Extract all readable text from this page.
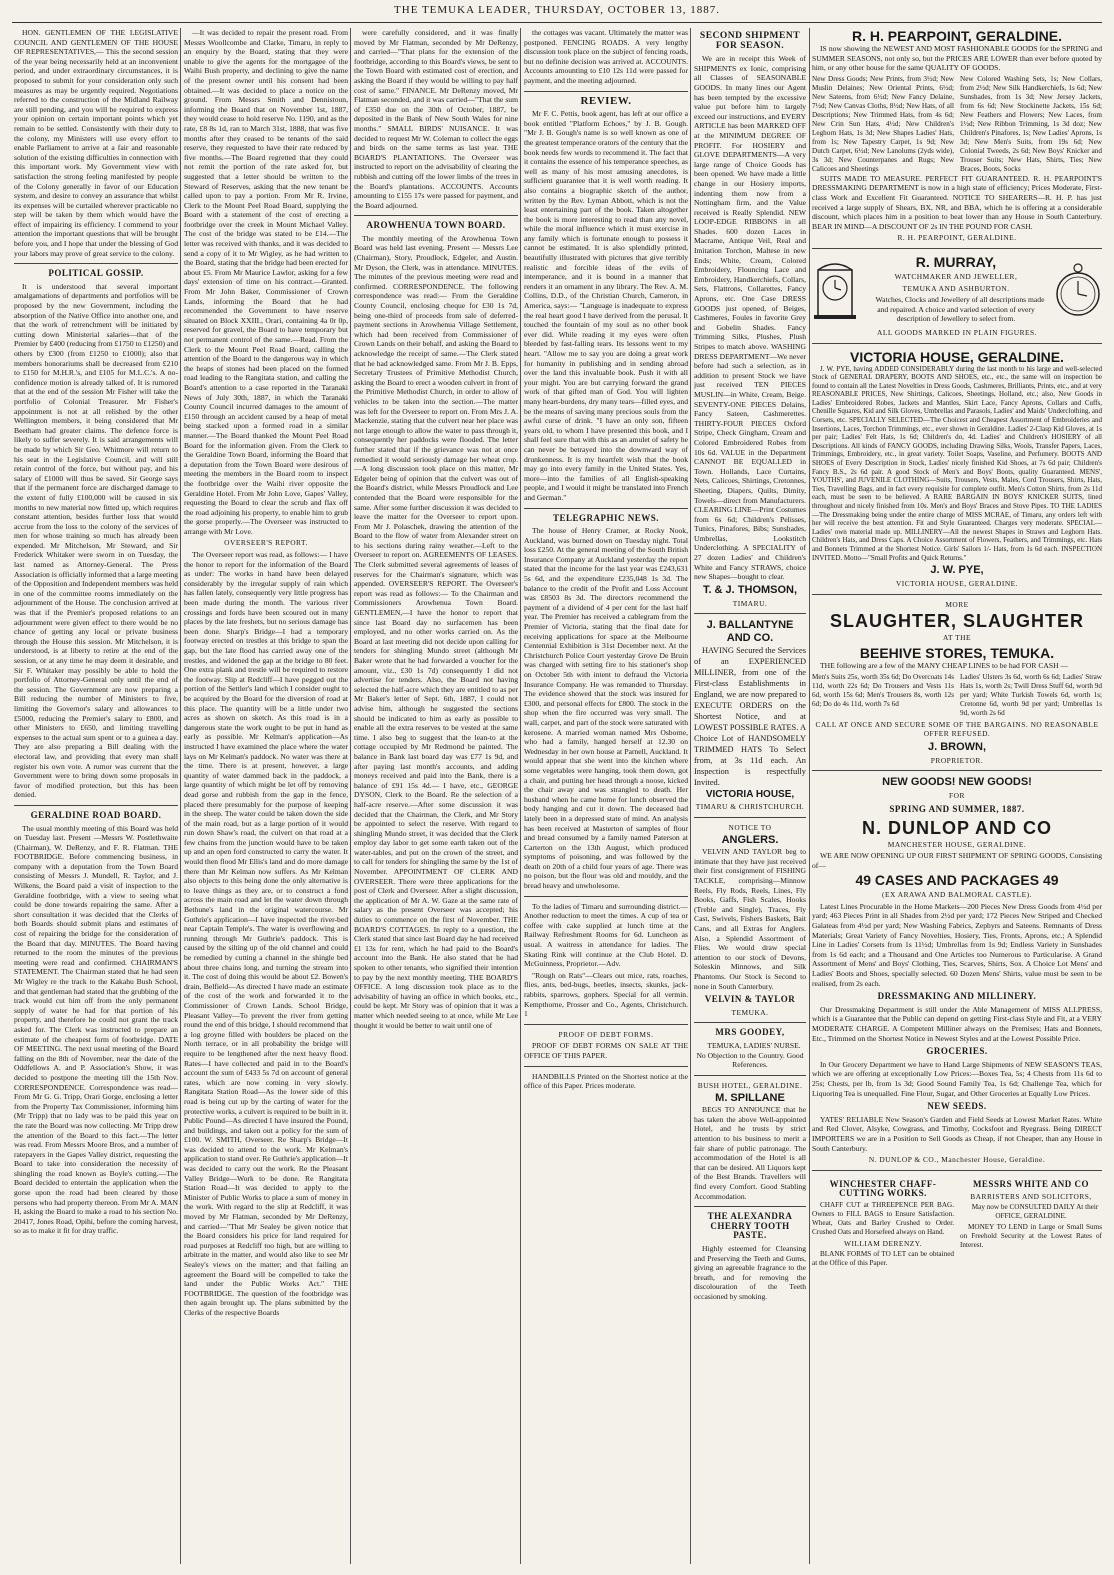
THE TEMUKA LEADER, THURSDAY, OCTOBER 13, 1887.

HON. GENTLEMEN OF THE LEGISLATIVE COUNCIL AND GENTLEMEN OF THE HOUSE OF REPRESENTATIVES,— This the second session of the year being necessarily held at an inconvenient period, and under extraordinary circumstances, it is proposed to submit for your consideration only such measures as may be urgently required. Negotiations referred to the construction of the Midland Railway are still pending, and you will be required to express your opinion on certain important points which yet remain to be settled. Consistently with their duty to the colony, my Ministers will use every effort to enable Parliament to arrive at a fair and reasonable solution of the existing difficulties in connection with this important work. My Government view with satisfaction the strong feeling manifested by people of the Colony generally in favor of our Education system, and desire to convey an assurance that whilst its expenses will be curtailed wherever practicable no step will be taken by them which would have the effect of impairing its efficiency. I commend to your attention the important questions that will be brought before you, and I hope that under the blessing of God your labors may prove of great service to the colony.

POLITICAL GOSSIP.

It is understood that several important amalgamations of departments and portfolios will be proposed by the new Government, including the absorption of the Native Office into another one, and that the work of retrenchment will be initiated by cutting down Ministerial salaries—that of the Premier by £400 (reducing from £1750 to £1250) and others by £300 (from £1250 to £1000); also that members honorariums shall be decreased from £210 to £150 for M.H.R.'s, and £105 for M.L.C.'s. A no-confidence motion is already talked of. It is rumored that at the end of the session Mr Fisher will take the portfolio of Colonial Treasurer. Mr Fisher's appointment is not at all relished by the other Wellington members, it being considered that Mr Beetham had greater claims. The defence force is likely to suffer severely. It is said arrangements will be made by which Sir Geo. Whitmore will return to his seat in the Legislative Council, and will still retain control of the force, but without pay, and his salary of £1000 will thus be saved. Sir George says that if the permanent force are discharged damage to the extent of fully £100,000 will be caused in six months to new material now fitted up, which requires constant attention, besides further loss that would accrue from the loss to the colony of the services of men for whose training so much has already been expended. Mr Mitchelson, Mr Steward, and Sir Frederick Whitaker were sworn in on Tuesday, the last named as Attorney-General. The Press Association is officially informed that a large meeting of the Opposition and Independent members was held in one of the committee rooms immediately on the adjournment of the House. The conclusion arrived at was that if the Premier's proposed relations to an adjournment were given effect to there would be no chance of getting any local or private business through the House this session. Mr Mitchelson, it is understood, is at liberty to retire at the end of the session, or at any time he may deem it desirable, and Sir F. Whitaker may possibly be able to hold the portfolio of Attorney-General only until the end of the session. The Government are now preparing a Bill reducing the number of Ministers to five, limiting the Governor's salary and allowances to £5000, reducing the Premier's salary to £800, and other Ministers to £650, and limiting travelling expenses to the actual sum spent or to a guinea a day. They are also preparing a Bill dealing with the electoral law, and providing that every man shall register his own vote. A rumor was current that the Government were to bring down some proposals in favor of modified protection, but this has been denied.

GERALDINE ROAD BOARD.

The usual monthly meeting of this Board was held on Tuesday last. Present —Messrs W. Postlethwaite (Chairman), W. DeRenzy, and F. R. Flatman. THE FOOTBRIDGE. Before commencing business, in company with a deputation from the Town Board consisting of Messrs J. Mundell, R. Taylor, and J. Wilkens, the Board paid a visit of inspection to the Geraldine footbridge, with a view to seeing what could be done towards repairing the same. After a short consultation it was decided that the Clerks of both Boards should submit plans and estimates of cost of repairing the bridge for the consideration of the Board that day. MINUTES. The Board having returned to the room the minutes of the previous meeting were read and confirmed. CHAIRMAN'S STATEMENT. The Chairman stated that he had seen Mr Wigley re the track to the Kakahu Bush School, and that gentleman had stated that the grubbing of the track would cut him off from the only permanent supply of water he had for that portion of his property, and therefore he could not grant the track asked for. The Clerk was instructed to prepare an estimate of the cheapest form of footbridge. DATE OF MEETING. The next usual meeting of the Board falling on the 8th of November, near the date of the Oddfellows A. and P. Association's Show, it was decided to postpone the meeting till the 15th Nov. CORRESPONDENCE. Correspondence was read— From Mr G. G. Tripp, Orari Gorge, enclosing a letter from the Property Tax Commissioner, informing him (Mr Tripp) that no lady was to be paid this year on the rate the Board was now collecting. Mr Tripp drew the attention of the Board to this fact.—The letter was read. From Messrs Moore Bros, and a number of ratepayers in the Gapes Valley district, requesting the Board to take into consideration the necessity of shingling the road known as Boyle's cutting.—The Board decided to entertain the application when the gorse upon the road had been cleared by those persons who had property thereon. From Mr A. MAN H, asking the Board to make a road to his section No. 20417, Jones Road, Opihi, before the coming harvest, so as to make it fit for dray traffic.

—It was decided to repair the present road. From Messrs Woollcombe and Clarke, Timaru, in reply to an enquiry by the Board, stating that they were unable to give the agents for the mortgagee of the Waihi Bush property, and declining to give the name of the present owner until his consent had been obtained.—It was decided to place a notice on the ground. From Messrs Smith and Dennistoun, informing the Board that on November 1st, 1887, they would cease to hold reserve No. 1190, and as the rate, £8 8s 1d, ran to March 31st, 1888, that was five months after they ceased to be tenants of the said reserve, they requested to have their rate reduced by five months.—The Board regretted that they could not remit the portion of the rate asked for, but suggested that a letter should be written to the Steward of Reserves, asking that the new tenant be called upon to pay a portion. From Mr R. Irvine, Clerk to the Mount Peel Road Board, supplying the Board with a statement of the cost of erecting a footbridge over the creek in Mount Michael Valley. The cost of the bridge was stated to be £14.—The letter was received with thanks, and it was decided to send a copy of it to Mr Wigley, as he had written to the Board, stating that the bridge had been erected for about £5. From Mr Maurice Lawlor, asking for a few days' extension of time on his contract.—Granted. From Mr John Baker, Commissioner of Crown Lands, informing the Board that he had recommended the Government to have reserve situated on Block XXIII., Orari, containing 4a 0r 0p, reserved for gravel, the Board to have temporary but not permanent control of the same.—Read. From the Clerk to the Mount Peel Road Board, calling the attention of the Board to the dangerous way in which the heaps of stones had been placed on the formed road leading to the Rangitata station, and calling the Board's attention to a case reported in the Taranaki News of July 30th, 1887, in which the Taranaki County Council incurred damages to the amount of £150 through an accident caused by a heap of metal being stacked upon a formed road in a similar manner.—The Board thanked the Mount Peel Road Board for the information given. From the Clerk to the Geraldine Town Board, informing the Board that a deputation from the Town Board were desirous of meeting the members in the Board room to inspect the footbridge over the Waihi river opposite the Geraldine Hotel. From Mr John Love, Gapes' Valley, requesting the Board to clear the scrub and flax off the road adjoining his property, to enable him to grub the gorse properly.—The Overseer was instructed to arrange with Mr Love.

OVERSEER'S REPORT.

The Overseer report was read, as follows:— I have the honor to report for the information of the Board as under: The works in hand have been delayed considerably by the irregular supply of rain which has fallen lately, consequently very little progress has been made during the month. The various river crossings and fords have been scoured out in many places by the late freshets, but no serious damage has been done. Sharp's Bridge—I had a temporary footway erected on trestles at this bridge to span the gap, but the late flood has carried away one of the trestles, and widened the gap at the bridge to 80 feet. One extra plank and trestle will be required to restore the footway. Slip at Redcliff—I have pegged out the portion of the Settler's land which I consider ought to be acquired by the Board for the diversion of road at this place. The quantity will be a little under two acres as shown on sketch. As this road is in a dangerous state the work ought to be put in hand as early as possible. Mr Kelman's application—As instructed I have examined the place where the water lays on Mr Kelman's paddock. No water was there at the time. There is at present, however, a large quantity of water dammed back in the paddock, a large quantity of which might be let off by removing dead gorse and rubbish from the gap in the fence, placed there presumably for the purpose of keeping in the sheep. The water could be taken down the side of the main road, but as a large portion of it would run down Shaw's road, the culvert on that road at a few chains from the junction would have to be taken up and an open ford constructed to carry the water. It would then flood Mr Ellis's land and do more damage there than Mr Kelman now suffers. As Mr Kelman also objects to this being done the only alternative is to leave things as they are, or to construct a fond across the main road and let the water down through Bethune's land in the original watercourse. Mr Guthrie's application—I have inspected the river-bed near Captain Temple's. The water is overflowing and running through Mr Guthrie's paddock. This is caused by the silting up of the old channel and could be remedied by cutting a channel in the shingle bed about three chains long, and turning the stream into it. The cost of doing this would be about £2. Bowen's drain, Belfield—As directed I have made an estimate of the cost of the work and forwarded it to the Commissioner of Crown Lands. School Bridge, Pleasant Valley—To prevent the river from getting round the end of this bridge, I should recommend that a log groyne filled with boulders be placed on the North terrace, or in all probability the bridge will require to be lengthened after the next heavy flood. Rates—I have collected and paid in to the Board's account the sum of £433 5s 7d on account of general rates, which are now coming in very slowly. Rangitata Station Road—As the lower side of this road is being cut up by the carting of water for the protective works, a culvert is required to be built in it. Public Pound—As directed I have insured the Pound, and buildings, and taken out a policy for the sum of £100. W. SMITH, Overseer. Re Sharp's Bridge—It was decided to attend to the work. Mr Kelman's application to stand over. Re Guthrie's application—It was decided to carry out the work. Re the Pleasant Valley Bridge—Work to be done. Re Rangitata Station Road—It was decided to apply to the Minister of Public Works to place a sum of money in the work. With regard to the slip at Redcliff, it was moved by Mr Flatman, seconded by Mr DeRenzy, and carried—"That Mr Sealey be given notice that the Board considers his price for land required for road purposes at Redcliff too high, but are willing to arbitrate in the matter, and would also like to see Mr Sealey's views on the matter; and that failing an agreement the Board will be compelled to take the land under the Public Works Act." THE FOOTBRIDGE. The question of the footbridge was then again brought up. The plans submitted by the Clerks of the respective Boards

were carefully considered, and it was finally moved by Mr Flatman, seconded by Mr DeRenzy, and carried—"That plans for the extension of the footbridge, according to this Board's views, be sent to the Town Board with estimated cost of erection, and asking the Board if they would be willing to pay half cost of same." FINANCE. Mr DeRenzy moved, Mr Flatman seconded, and it was carried—"That the sum of £350 due on the 30th of October, 1887, be deposited in the Bank of New South Wales for nine months." SMALL BIRDS' NUISANCE. It was decided to request Mr W. Coleman to collect the eggs and birds on the same terms as last year. THE BOARD'S PLANTATIONS. The Overseer was instructed to report on the advisability of clearing the rubbish and cutting off the lower limbs of the trees in the Board's plantations. ACCOUNTS. Accounts amounting to £155 17s were passed for payment, and the Board adjourned.

AROWHENUA TOWN BOARD.

The monthly meeting of the Arowhenua Town Board was held last evening. Present — Messrs Lee (Chairman), Story, Proudlock, Edgeler, and Austin. Mr Dyson, the Clerk, was in attendance. MINUTES. The minutes of the previous meeting were read and confirmed. CORRESPONDENCE. The following correspondence was read:— From the Geraldine County Council, enclosing cheque for £30 1s 7d, being one-third of proceeds from sale of deferred-payment sections in Arowhenua Village Settlement, which had been received from Commissioner of Crown Lands on their behalf, and asking the Board to acknowledge the receipt of same.—The Clerk stated that he had acknowledged same. From Mr J. B. Epps, Secretary Trustees of Primitive Methodist Church, asking the Board to erect a wooden culvert in front of the Primitive Methodist Church, in order to allow of vehicles to be taken into the section.—The matter was left for the Overseer to report on. From Mrs J. A. Mackenzie, stating that the culvert near her place was not large enough to allow the water to pass through it, consequently her paddocks were flooded. The letter further stated that if the grievance was not at once remedied it would seriously damage her wheat crop.—A long discussion took place on this matter, Mr Edgeler being of opinion that the culvert was out of the Board's district, while Messrs Proudlock and Lee contended that the Board were responsible for the same. After some further discussion it was decided to leave the matter for the Overseer to report upon. From Mr J. Polaschek, drawing the attention of the Board to the flow of water from Alexander street on to his sections during rainy weather.—Left to the Overseer to report on. AGREEMENTS OF LEASES. The Clerk submitted several agreements of leases of reserves for the Chairman's signature, which was appended. OVERSEER'S REPORT. The Overseer's report was read as follows:— To the Chairman and Commissioners Arowhenua Town Board. GENTLEMEN,—I have the honor to report that since last Board day no surfacemen has been employed, and no other works carried on. As the Board at last meeting did not decide upon calling for tenders for shingling Mundo street (although Mr Baker wrote that he had forwarded a voucher for the amount, viz., £30 1s 7d) consequently I did not advertise for tenders. Also, the Board not having selected the half-acre which they are entitled to as per Mr Baker's letter of Sept. 6th, 1887, I could not advise him, although he suggested the sections should be indicated to him as early as possible to enable all the extra reserves to be vested at the same time. I also beg to suggest that the lean-to at the cottage occupied by Mr Redmond be painted. The balance in Bank last board day was £77 1s 9d, and after paying last month's accounts, and adding moneys received and paid into the Bank, there is a balance of £91 15s 4d.— I have, etc., GEORGE DYSON, Clerk to the Board. Re the selection of a half-acre reserve.—After some discussion it was decided that the Chairman, the Clerk, and Mr Story be appointed to select the reserve. With regard to shingling Mundo street, it was decided that the Clerk employ day labor to get some earth taken out of the water-tables, and put on the crown of the street, and to call for tenders for shingling the same by the 1st of November. APPOINTMENT OF CLERK AND OVERSEER. There were three applications for the post of Clerk and Overseer. After a slight discussion, the application of Mr A. W. Gaze at the same rate of salary as the present Overseer was accepted; his duties to commence on the first of November. THE BOARD'S COTTAGES. In reply to a question, the Clerk stated that since last Board day he had received £1 13s for rent, which he had paid to the Board's account into the Bank. He also stated that he had spoken to other tenants, who signified their intention to pay by the next monthly meeting. THE BOARD'S OFFICE. A long discussion took place as to the advisability of having an office in which books, etc., could be kept. Mr Story was of opinion that it was a matter which needed seeing to at once, while Mr Lee thought it would be better to wait until one of

the cottages was vacant. Ultimately the matter was postponed. FENCING ROADS. A very lengthy discussion took place on the subject of fencing roads, but no definite decision was arrived at. ACCOUNTS. Accounts amounting to £10 12s 11d were passed for payment, and the meeting adjourned.

REVIEW.

Mr F. C. Pettis, book agent, has left at our office a book entitled "Platform Echoes," by J. B. Gough. "Mr J. B. Gough's name is so well known as one of the greatest temperance orators of the century that the book needs few words to recommend it. The fact that it contains the essence of his temperance speeches, as well as many of his most amusing anecdotes, is sufficient guarantee that it is well worth reading. It also contains a biographic sketch of the author, written by the Rev. Lyman Abbott, which is not the least entertaining part of the book. Taken altogether the book is more interesting to read than any novel, while the moral influence which it must exercise in any family which is fortunate enough to possess it cannot be estimated. It is also splendidly printed, beautifully illustrated with pictures that give terribly realistic and forcible ideas of the evils of intemperance, and it is bound in a manner that renders it an ornament in any library. The Rev. A. M. Collins, D.D., of the Christian Church, Cameron, in America, says:— "Language is inadequate to express the real heart good I have derived from the perusal. It touched the fountain of my soul as no other book ever did. While reading it my eyes were often bleeded by fast-falling tears. Its lessons went to my heart. "Allow me to say you are doing a great work for humanity in publishing and in sending abroad over the land this invaluable book. Push it with all your might. You are but carrying forward the grand work of that gifted man of God. You will lighten many heart-burdens, dry many tears—filled eyes, and be the means of saving many precious souls from the awful curse of drink. "I have an only son, fifteen years old, to whom I have presented this book, and I shall feel sure that with this as an amulet of safety he can never be betrayed into the downward way of drunkenness. It is my heartfelt wish that the book may go into every family in the United States. Yes, more—into the families of all English-speaking people, and I would it might be translated into French and German."

TELEGRAPHIC NEWS.

The house of Henry Cramer, at Rocky Nook, Auckland, was burned down on Tuesday night. Total loss £250. At the general meeting of the South British Insurance Company at Auckland yesterday the report stated that the income for the last year was £243,631 5s 6d, and the expenditure £235,048 1s 3d. The balance to the credit of the Profit and Loss Account was £8503 8s 3d. The directors recommend the payment of a dividend of 4 per cent for the last half year. The Premier has received a cablegram from the Premier of Victoria, stating that the final date for receiving applications for space at the Melbourne Centennial Exhibition is 31st December next. At the Christchurch Police Court yesterday Grove De Bruin was charged with setting fire to his stationer's shop on October 5th with intent to defraud the Victoria Insurance Company. He was remanded to Thursday. The evidence showed that the stock was insured for £300, and personal effects for £800. The stock in the shop when the fire occurred was very small. The wall, carpet, and part of the stock were saturated with kerosene. A married woman named Mrs Osborne, who had a family, hanged herself at 12.30 on Wednesday in her own house at Parnell, Auckland. It would appear that she went into the kitchen where some vegetables were hanging, took them down, got a chair, and putting her head through a noose, kicked the chair away and was strangled to death. Her husband when he came home for lunch observed the body hanging and cut it down. The deceased had lately been in a depressed state of mind. An analysis has been received at Masterton of samples of flour and bread consumed by a family named Paterson at Carterton on the 13th August, which produced symptoms of poisoning, and was followed by the death on 20th of a child four years of age. There was no poison, but the flour was old and mouldy, and the bread heavy and unwholesome.

To the ladies of Timaru and surrounding district.—Another reduction to meet the times. A cup of tea or coffee with cake supplied at lunch time at the Railway Refreshment Rooms for 6d. Luncheon as usual. A waitress in attendance for ladies. The Skating Rink will continue at the Club Hotel. D. McGuinness, Proprietor.—Adv.

"Rough on Rats"—Clears out mice, rats, roaches, flies, ants, bed-bugs, beetles, insects, skunks, jack-rabbits, sparrows, gophers. Special for all vermin. Kempthorne, Prosser and Co., Agents, Christchurch. 1

PROOF OF DEBT FORMS.

PROOF OF DEBT FORMS ON SALE AT THE OFFICE OF THIS PAPER.

HANDBILLS Printed on the Shortest notice at the office of this Paper. Prices moderate.

SECOND SHIPMENT FOR SEASON.

We are in receipt this Week of SHIPMENTS ex Ionic, comprising all Classes of SEASONABLE GOODS. In many lines our Agent has been tempted by the excessive value put before him to largely exceed our instructions, and EVERY ARTICLE has been MARKED OFF at the MINIMUM DEGREE OF PROFIT. For HOSIERY and GLOVE DEPARTMENTS—A very large range of Choice Goods has been opened. We have made a little change in our Hosiery imports, indenting them now from a Nottingham firm, and the Value received is Really Splendid. NEW LOOP-EDGE RIBBONS in all Shades. 600 dozen Laces in Macrame, Antique Veil, Real and Imitation Torchon, Maltese in new Ends; White, Cream, Colored Embroidery, Flouncing Lace and Embroidery, Handkerchiefs, Collars, Sets, Flattrons, Collarettes, Fancy Aprons, etc. One Case DRESS GOODS just opened, of Beiges, Cashmeres, Foules in favorite Grey and Gobelin Shades. Fancy Trimming Silks, Plushes, Plush Stripes to match above. WASHING DRESS DEPARTMENT—We never before had such a selection, as in addition to present Stock we have just received TEN PIECES MUSLIN—in White, Cream, Beige. SEVENTY-ONE PIECES Delains, Fancy Sateen, Cashmerettes. THIRTY-FOUR PIECES Oxford Stripe, Check Gingham, Cream and Colored Embroidered Robes from 10s 6d. VALUE in the Department CANNOT BE EQUALLED in Town. Hollands, Lace Curtains, Nets, Calicoes, Shirtings, Cretonnes, Sheeting, Diapers, Quilts, Dimity, Towels—direct from Manufacturers. CLEARING LINE—Print Costumes from 6s 6d; Children's Pelisses, Tunics, Pinafores, Bibs; Sunshades, Umbrellas, Lookstitch Underclothing. A SPECIALITY of 27 dozen Ladies' and Children's White and Fancy STRAWS, choice new Shapes—bought to clear.

T. & J. THOMSON,
TIMARU.
J. BALLANTYNE AND CO.

HAVING Secured the Services of an EXPERIENCED MILLINER, from one of the First-class Establishments in England, we are now prepared to EXECUTE ORDERS on the Shortest Notice, and at LOWEST POSSIBLE RATES. A Choice Lot of HANDSOMELY TRIMMED HATS To Select from, at 3s 11d each. An Inspection is respectfully Invited.

VICTORIA HOUSE,
TIMARU & CHRISTCHURCH.
NOTICE TO
ANGLERS.

VELVIN AND TAYLOR beg to intimate that they have just received their first consignment of FISHING TACKLE, comprising—Minnow Reels, Fly Rods, Reels, Lines, Fly Books, Gaffs, Fish Scales, Hooks (Treble and Single), Traces, Fly Cast, Swivels, Fishers Baskets, Bait Cans, and all Extras for Anglers. Also, a Splendid Assortment of Flies. We would draw special attention to our stock of Devons, Soleskin Minnows, and Silk Phantoms. Our Stock is Second to none in South Canterbury.

VELVIN & TAYLOR
TEMUKA.
MRS GOODEY,

TEMUKA, LADIES' NURSE. No Objection to the Country. Good References.

BUSH HOTEL, GERALDINE.
M. SPILLANE

BEGS TO ANNOUNCE that he has taken the above Well-appointed Hotel, and he trusts by strict attention to his business to merit a fair share of public patronage. The accommodation of the Hotel is all that can be desired. All Liquors kept of the Best Brands. Travellers will find every Comfort. Good Stabling Accommodation.

THE ALEXANDRA CHERRY TOOTH PASTE.

Highly esteemed for Cleansing and Preserving the Teeth and Gums, giving an agreeable fragrance to the breath, and for removing the discolouration of the Teeth occasioned by smoking.

R. H. PEARPOINT, GERALDINE.

IS now showing the NEWEST AND MOST FASHIONABLE GOODS for the SPRING and SUMMER SEASONS, not only so, but the PRICES ARE LOWER than ever before quoted by him, or any other house for the same QUALITY OF GOODS.

New Dress Goods; New Prints, from 3½d; New Muslin Delaines; New Oriental Prints, 6½d; New Sateens, from 6½d; New Fancy Delaine, 7½d; New Canvas Cloths, 8½d; New Hats, of all Descriptions; New Trimmed Hats, from 4s 6d; New Crin Sun Hats, 4½d; New Children's Leghorn Hats, 1s 3d; New Shapes Ladies' Hats, from 1s; New Tapestry Carpet, 1s 9d; New Dutch Carpet, 6½d; New Lanolums (2yds wide), 3s 3d; New Counterpanes and Rugs; New Calicoes and Sheetings
New Colored Washing Sets, 1s; New Collars, from 2½d; New Silk Handkerchiefs, 1s 6d; New Sunshades, from 1s 3d; New Jersey Jackets, from 6s 6d; New Stockinette Jackets, 15s 6d; New Feathers and Flowers; New Laces, from 1½d; New Ribbon Trimming, 1s 3d doz; New Children's Pinafores, 1s; New Ladies' Aprons, 1s 3d; New Men's Suits, from 19s 6d; New Colonial Tweeds, 2s 6d; New Boys' Knicker and Trouser Suits; New Hats, Shirts, Ties; New Braces, Boots, Socks

SUITS MADE TO MEASURE. PERFECT FIT GUARANTEED. R. H. PEARPOINT'S DRESSMAKING DEPARTMENT is now in a high state of efficiency; Prices Moderate, First-class Work and Excellent Fit Guaranteed. NOTICE TO SHEARERS—R. H. P. has just received a large supply of Shears, BX, NR, and BBA, which he is offering at a considerable discount, which places him in a position to beat lower than any House in South Canterbury. BEAR IN MIND—A DISCOUNT OF 2s IN THE POUND FOR CASH.

R. H. PEARPOINT, GERALDINE.
R. MURRAY,
WATCHMAKER AND JEWELLER,
TEMUKA AND ASHBURTON.

Watches, Clocks and Jewellery of all descriptions made and repaired. A choice and varied selection of every description of Jewellery to select from.

ALL GOODS MARKED IN PLAIN FIGURES.
VICTORIA HOUSE, GERALDINE.

J. W. PYE, having ADDED CONSIDERABLY during the last month to his large and well-selected Stock of GENERAL DRAPERY, BOOTS AND SHOES, etc., etc., the same will on inspection be found to contain all the Latest Novelties in Dress Goods, Cashmeres, Brilliants, Prints, etc., and at very REASONABLE PRICES, New Shirtings, Calicoes, Sheetings, Holland, etc.; also, New Goods in Ladies' Embroidered Robes, Jackets and Mantles, Skirt Lace, Fancy Aprons, Collars and Cuffs, Chenille Squares, Kid and Silk Gloves, Umbrellas and Parasols, Ladies' and Maids' Underclothing, and Corsets, etc. SPECIALLY SELECTED—The Choicest and Cheapest Assortment of Embroideries and Insertions, Laces, Torchon Trimmings, etc., ever shown in Geraldine. Ladies' 2-Clasp Kid Gloves, at 1s per pair; Ladies' Felt Hats, 1s 6d; Children's do, 4d. Ladies' and Children's HOSIERY of all Descriptions. All kinds of FANCY GOODS, including Drawing Silks, Wools, Transfer Papers, Laces, Trimmings, Embroidery, etc., in great variety. Toilet Soaps, Vaseline, and Perfumery. BOOTS AND SHOES of Every Description in Stock, Ladies' nicely finished Kid Shoes, at 7s 6d pair; Children's Fancy B.S., 2s 6d pair. A good Stock of Men's and Boys' Boots, quality Guaranteed. MENS', YOUTHS', and JUVENILE CLOTHING—Suits, Trousers, Vests, Males, Cord Trousers, Shirts, Hats, Ties, Travelling Bags, and in fact every requisite for complete outfit. Men's Cotton Shirts, from 2s 11d each, must be seen to be believed. A RARE BARGAIN IN BOYS' KNICKER SUITS, lined throughout and nicely finished from 10s. Men's and Boys' Braces and Stove Pipes. TO THE LADIES—The Dressmaking being under the entire charge of MISS MCRAE, of Timaru, any orders left with her will receive the best attention. Fit and Style Guaranteed. Charges very moderate. SPECIAL—Ladies' own material made up. MILLINERY—All the newest Shapes in Straws and Leghorn Hats. Children's Hats, and Dress Caps. A Choice Assortment of Flowers, Feathers, and Trimmings, etc. Hats and Bonnets Trimmed at the Shortest Notice. Girls' Sailors 1/- Hats, from 1s 6d each. INSPECTION INVITED. Motto—"Small Profits and Quick Returns."

J. W. PYE,
VICTORIA HOUSE, GERALDINE.
MORE
SLAUGHTER, SLAUGHTER
AT THE
BEEHIVE STORES, TEMUKA.

THE following are a few of the MANY CHEAP LINES to be had FOR CASH —

Men's Suits 25s, worth 35s 6d; Do Overcoats 14s 11d, worth 22s 6d; Do Trousers and Vests 11s 6d, worth 15s 6d; Men's Trousers 8s, worth 12s 6d; Do do 4s 11d, worth 7s 6d
Ladies' Ulsters 3s 6d, worth 6s 6d; Ladies' Straw Hats 1s, worth 2s; Twill Dress Stuff 6d, worth 9d per yard; White Turkish Towels 6d, worth 1s; Cretonne 6d, worth 9d per yard; Umbrellas 1s 9d, worth 2s 6d
CALL AT ONCE AND SECURE SOME OF THE BARGAINS. NO REASONABLE OFFER REFUSED.
J. BROWN,
PROPRIETOR.
NEW GOODS! NEW GOODS!
FOR
SPRING AND SUMMER, 1887.
N. DUNLOP AND CO
MANCHESTER HOUSE, GERALDINE.

WE ARE NOW OPENING UP OUR FIRST SHIPMENT OF SPRING GOODS, Consisting of—

49 CASES AND PACKAGES 49
(EX ARAWA AND BALMORAL CASTLE).

Latest Lines Procurable in the Home Markets—200 Pieces New Dress Goods from 4½d per yard; 463 Pieces Print in all Shades from 2½d per yard; 172 Pieces New Striped and Checked Galateas from 4½d per yard; New Washing Fabrics, Zephyrs and Sateens. Remnants of Dress Materials; Great Variety of Fancy Novelties, Hosiery, Ties, Fronts, Aprons, etc.; A Splendid Line in Ladies' Corsets from 1s 11½d; Umbrellas from 1s 9d; Endless Variety in Sunshades from 1s 6d each; and a Thousand and One Articles too Numerous to Particularise. A Grand Assortment of Mens' and Boys' Clothing, Ties, Scarves, Shirts, Sox. A Choice Lot Mens' and Ladies' Boots and Shoes, specially selected. 60 Dozen Mens' Shirts, value must be seen to be realised, from 2s each.

DRESSMAKING AND MILLINERY.

Our Dressmaking Department is still under the Able Management of MISS ALLPRESS, which is a Guarantee that the Public can depend on getting First-class Style and Fit, at a VERY MODERATE CHARGE. A Competent Milliner always on the Premises; Hats and Bonnets, Etc., Trimmed on the Shortest Notice in Newest Styles and at the Lowest Possible Price.

GROCERIES.

In Our Grocery Department we have to Hand Large Shipments of NEW SEASON'S TEAS, which we are offering at exceptionally Low Prices:—Boxes Tea, 5s; 4 Chests from 11s 6d to 25s; Chests, per lb, from 1s 3d; Good Sound Family Tea, 1s 6d; Challenge Tea, which for Liquoring Tea is unequalled. Fine Flour, Sugar, and Other Groceries at Equally Low Prices.

NEW SEEDS.

YATES' RELIABLE New Season's Garden and Field Seeds at Lowest Market Rates. White and Red Clover, Alsyke, Cowgrass, and Timothy, Cocksfoot and Ryegrass. Being DIRECT IMPORTERS we are in a Position to Sell Goods as Cheap, if not Cheaper, than any House in South Canterbury.

N. DUNLOP & CO., Manchester House, Geraldine.
WINCHESTER CHAFF-CUTTING WORKS.

CHAFF CUT at THREEPENCE PER BAG. Owners to FILL BAGS to Ensure Satisfaction. Wheat, Oats and Barley Crushed to Order. Crushed Oats and Horsefeed always on Hand.

WILLIAM DERENZY.

BLANK FORMS of TO LET can be obtained at the Office of this Paper.

MESSRS WHITE AND CO
BARRISTERS AND SOLICITORS,

May now be CONSULTED DAILY At their OFFICE, GERALDINE.

MONEY TO LEND in Large or Small Sums on Freehold Security at the Lowest Rates of Interest.
